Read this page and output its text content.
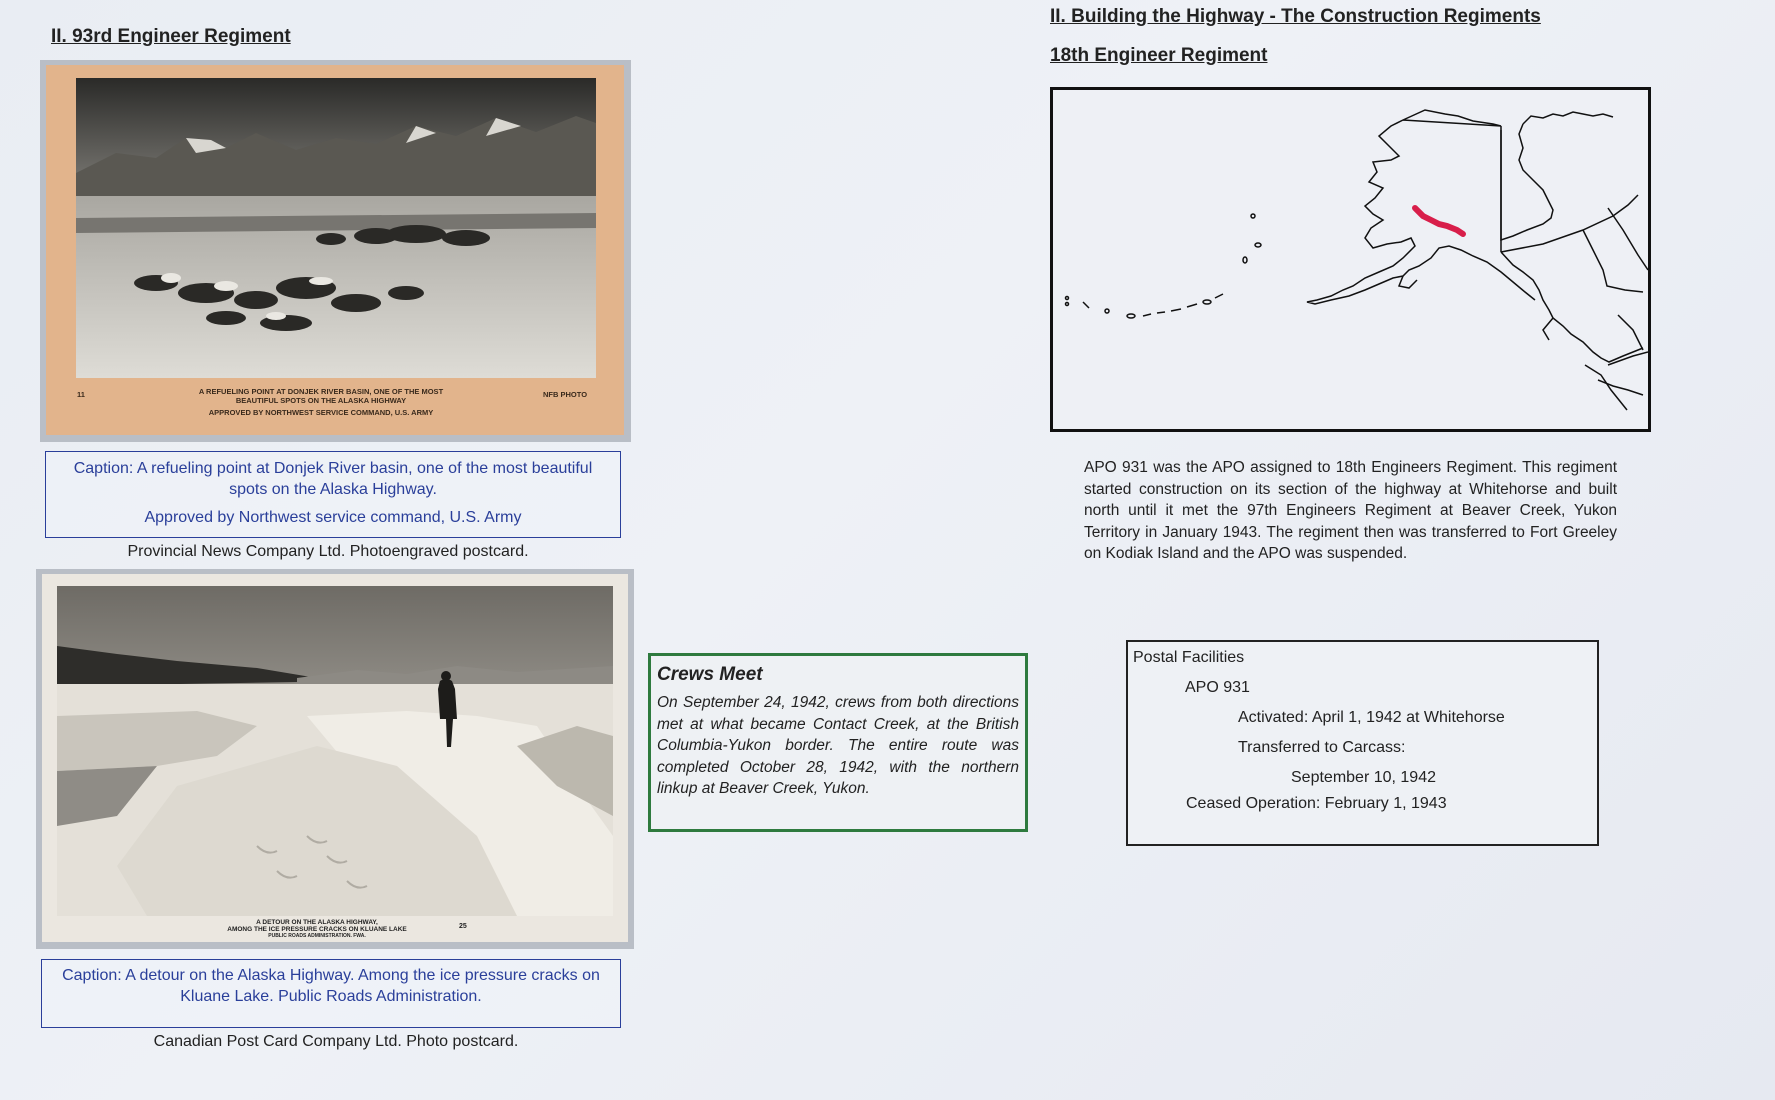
II. 93rd Engineer Regiment
11	A REFUELING POINT AT DONJEK RIVER BASIN, ONE OF THE MOST
BEAUTIFUL SPOTS ON THE ALASKA HIGHWAY
APPROVED BY NORTHWEST SERVICE COMMAND, U.S. ARMY
NFB PHOTO
Caption: A refueling point at Donjek River basin, one of the most beautiful spots on the Alaska Highway.
Approved by Northwest service command, U.S. Army
Provincial News Company Ltd. Photoengraved postcard.
A DETOUR ON THE ALASKA HIGHWAY,
AMONG THE ICE PRESSURE CRACKS ON KLUANE LAKE
PUBLIC ROADS ADMINISTRATION. FWA.
25
Caption: A detour on the Alaska Highway. Among the ice pressure cracks on Kluane Lake. Public Roads Administration.
Canadian Post Card Company Ltd. Photo postcard.
Crews Meet

On September 24, 1942, crews from both directions met at what became Contact Creek, at the British Columbia-Yukon border. The entire route was completed October 28, 1942, with the northern linkup at Beaver Creek, Yukon.

II. Building the Highway - The Construction Regiments
18th Engineer Regiment
APO 931 was the APO assigned to 18th Engineers Regiment. This regiment started construction on its section of the highway at Whitehorse and built north until it met the 97th Engineers Regiment at Beaver Creek, Yukon Territory in January 1943. The regiment then was transferred to Fort Greeley on Kodiak Island and the APO was suspended.
Postal Facilities
APO 931
Activated: April 1, 1942 at Whitehorse
Transferred to Carcass:
September 10, 1942
Ceased Operation: February 1, 1943
